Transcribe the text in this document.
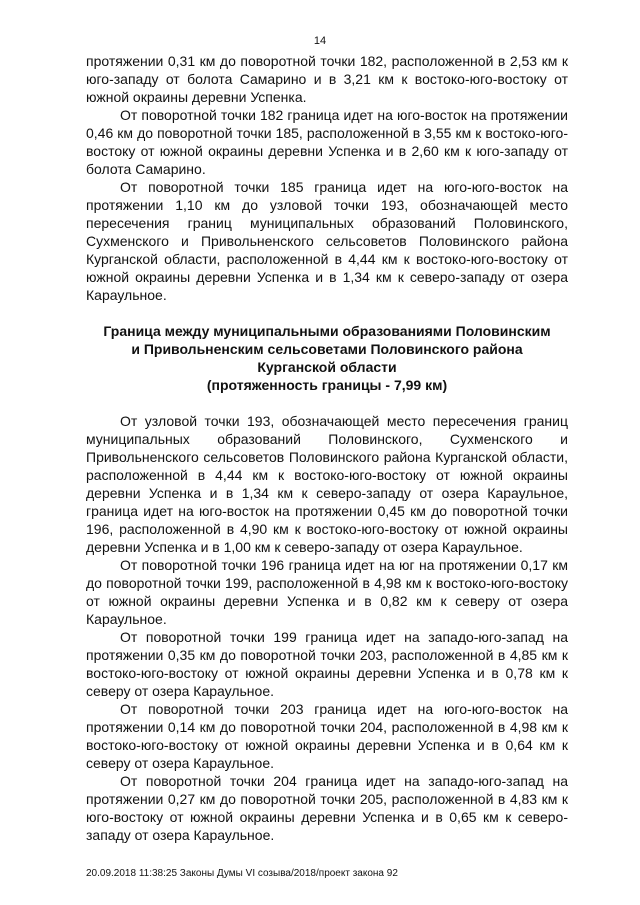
14

протяжении 0,31 км до поворотной точки 182, расположенной в 2,53 км к юго-западу от болота Самарино и в 3,21 км к востоко-юго-востоку от южной окраины деревни Успенка.

От поворотной точки 182 граница идет на юго-восток на протяжении 0,46 км до поворотной точки 185, расположенной в 3,55 км к востоко-юго-востоку от южной окраины деревни Успенка и в 2,60 км к юго-западу от болота Самарино.

От поворотной точки 185 граница идет на юго-юго-восток на протяжении 1,10 км до узловой точки 193, обозначающей место пересечения границ муниципальных образований Половинского, Сухменского и Привольненского сельсоветов Половинского района Курганской области, расположенной в 4,44 км к востоко-юго-востоку от южной окраины деревни Успенка и в 1,34 км к северо-западу от озера Караульное.

Граница между муниципальными образованиями Половинским
и Привольненским сельсоветами Половинского района
Курганской области
(протяженность границы - 7,99 км)

От узловой точки 193, обозначающей место пересечения границ муниципальных образований Половинского, Сухменского и Привольненского сельсоветов Половинского района Курганской области, расположенной в 4,44 км к востоко-юго-востоку от южной окраины деревни Успенка и в 1,34 км к северо-западу от озера Караульное, граница идет на юго-восток на протяжении 0,45 км до поворотной точки 196, расположенной в 4,90 км к востоко-юго-востоку от южной окраины деревни Успенка и в 1,00 км к северо-западу от озера Караульное.

От поворотной точки 196 граница идет на юг на протяжении 0,17 км до поворотной точки 199, расположенной в 4,98 км к востоко-юго-востоку от южной окраины деревни Успенка и в 0,82 км к северу от озера Караульное.

От поворотной точки 199 граница идет на западо-юго-запад на протяжении 0,35 км до поворотной точки 203, расположенной в 4,85 км к востоко-юго-востоку от южной окраины деревни Успенка и в 0,78 км к северу от озера Караульное.

От поворотной точки 203 граница идет на юго-юго-восток на протяжении 0,14 км до поворотной точки 204, расположенной в 4,98 км к востоко-юго-востоку от южной окраины деревни Успенка и в 0,64 км к северу от озера Караульное.

От поворотной точки 204 граница идет на западо-юго-запад на протяжении 0,27 км до поворотной точки 205, расположенной в 4,83 км к юго-востоку от южной окраины деревни Успенка и в 0,65 км к северо-западу от озера Караульное.

20.09.2018 11:38:25 Законы Думы VI созыва/2018/проект закона 92
